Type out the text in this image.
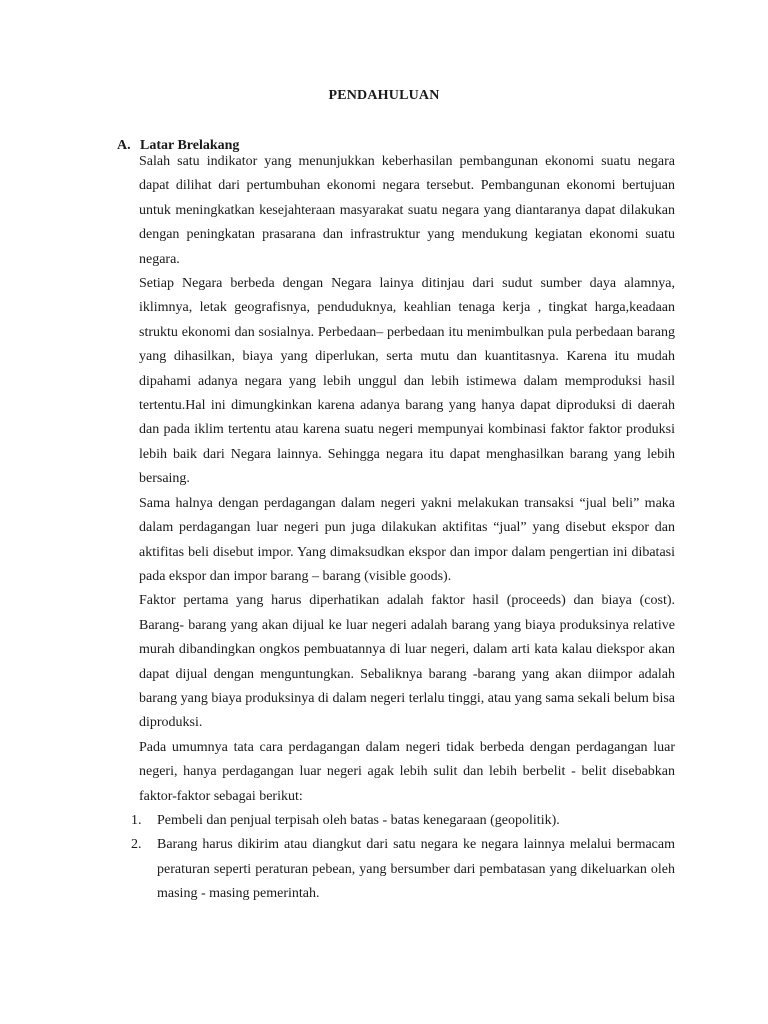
PENDAHULUAN
A. Latar Brelakang

Salah satu indikator yang menunjukkan keberhasilan pembangunan ekonomi suatu negara dapat dilihat dari pertumbuhan ekonomi negara tersebut. Pembangunan ekonomi bertujuan untuk meningkatkan kesejahteraan masyarakat suatu negara yang diantaranya dapat dilakukan dengan peningkatan prasarana dan infrastruktur yang mendukung kegiatan ekonomi suatu negara.

Setiap Negara berbeda dengan Negara lainya ditinjau dari sudut sumber daya alamnya, iklimnya, letak geografisnya, penduduknya, keahlian tenaga kerja , tingkat harga,keadaan struktu ekonomi dan sosialnya. Perbedaan– perbedaan itu menimbulkan pula perbedaan barang yang dihasilkan, biaya yang diperlukan, serta mutu dan kuantitasnya. Karena itu mudah dipahami adanya negara yang lebih unggul dan lebih istimewa dalam memproduksi hasil tertentu.Hal ini dimungkinkan karena adanya barang yang hanya dapat diproduksi di daerah dan pada iklim tertentu atau karena suatu negeri mempunyai kombinasi faktor faktor produksi lebih baik dari Negara lainnya. Sehingga negara itu dapat menghasilkan barang yang lebih bersaing.

Sama halnya dengan perdagangan dalam negeri yakni melakukan transaksi “jual beli” maka dalam perdagangan luar negeri pun juga dilakukan aktifitas “jual” yang disebut ekspor dan aktifitas beli disebut impor. Yang dimaksudkan ekspor dan impor dalam pengertian ini dibatasi pada ekspor dan impor barang – barang (visible goods).

Faktor pertama yang harus diperhatikan adalah faktor hasil (proceeds) dan biaya (cost). Barang- barang yang akan dijual ke luar negeri adalah barang yang biaya produksinya relative murah dibandingkan ongkos pembuatannya di luar negeri, dalam arti kata kalau diekspor akan dapat dijual dengan menguntungkan. Sebaliknya barang -barang yang akan diimpor adalah barang yang biaya produksinya di dalam negeri terlalu tinggi, atau yang sama sekali belum bisa diproduksi.

Pada umumnya tata cara perdagangan dalam negeri tidak berbeda dengan perdagangan luar negeri, hanya perdagangan luar negeri agak lebih sulit dan lebih berbelit - belit disebabkan faktor-faktor sebagai berikut:

1. Pembeli dan penjual terpisah oleh batas - batas kenegaraan (geopolitik).
2. Barang harus dikirim atau diangkut dari satu negara ke negara lainnya melalui bermacam peraturan seperti peraturan pebean, yang bersumber dari pembatasan yang dikeluarkan oleh masing - masing pemerintah.
